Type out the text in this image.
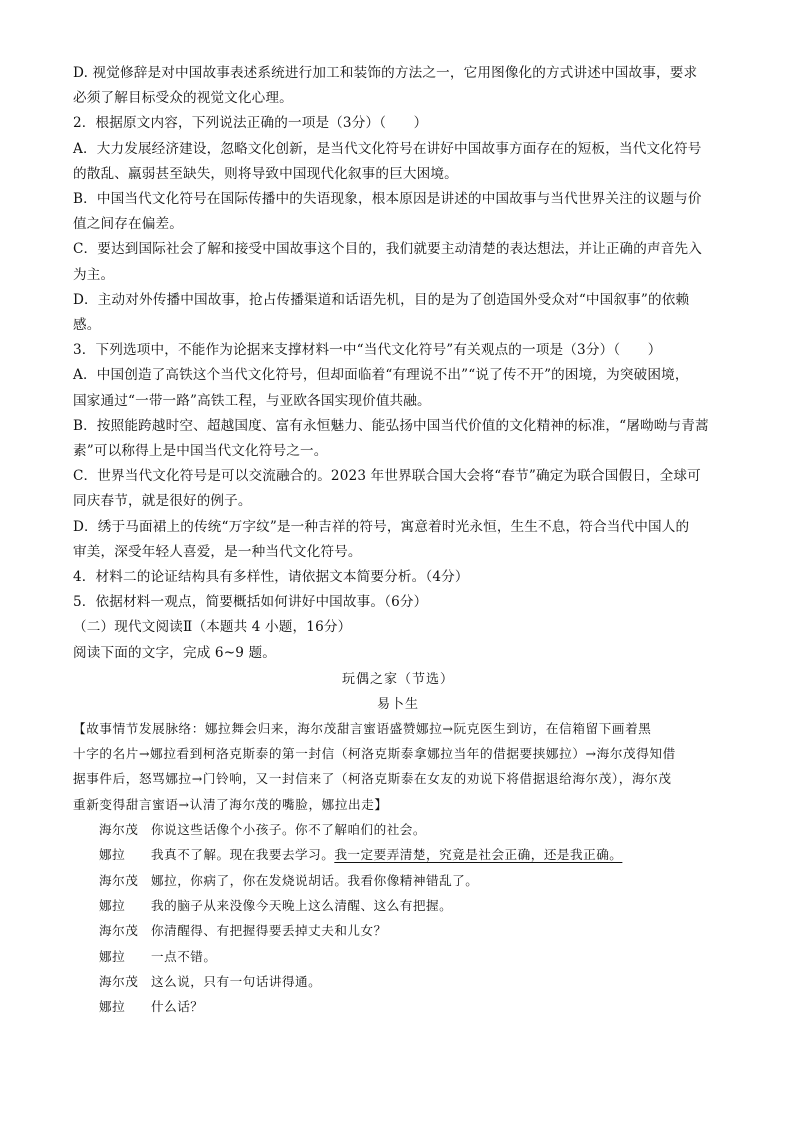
D. 视觉修辞是对中国故事表述系统进行加工和装饰的方法之一，它用图像化的方式讲述中国故事，要求
必须了解目标受众的视觉文化心理。
2．根据原文内容，下列说法正确的一项是（3分）（　　）
A．大力发展经济建设，忽略文化创新，是当代文化符号在讲好中国故事方面存在的短板，当代文化符号
的散乱、羸弱甚至缺失，则将导致中国现代化叙事的巨大困境。
B．中国当代文化符号在国际传播中的失语现象，根本原因是讲述的中国故事与当代世界关注的议题与价
值之间存在偏差。
C．要达到国际社会了解和接受中国故事这个目的，我们就要主动清楚的表达想法，并让正确的声音先入
为主。
D．主动对外传播中国故事，抢占传播渠道和话语先机，目的是为了创造国外受众对“中国叙事”的依赖
感。
3．下列选项中，不能作为论据来支撑材料一中“当代文化符号”有关观点的一项是（3分）（　　）
A．中国创造了高铁这个当代文化符号，但却面临着“有理说不出”“说了传不开”的困境，为突破困境，
国家通过“一带一路”高铁工程，与亚欧各国实现价值共融。
B．按照能跨越时空、超越国度、富有永恒魅力、能弘扬中国当代价值的文化精神的标准，“屠呦呦与青蒿
素”可以称得上是中国当代文化符号之一。
C．世界当代文化符号是可以交流融合的。2023 年世界联合国大会将“春节”确定为联合国假日，全球可
同庆春节，就是很好的例子。
D．绣于马面裙上的传统“万字纹”是一种吉祥的符号，寓意着时光永恒，生生不息，符合当代中国人的
审美，深受年轻人喜爱，是一种当代文化符号。
4．材料二的论证结构具有多样性，请依据文本简要分析。（4分）
5．依据材料一观点，简要概括如何讲好中国故事。（6分）
（二）现代文阅读Ⅱ（本题共 4 小题，16分）
阅读下面的文字，完成 6~9 题。
玩偶之家（节选）
易卜生
【故事情节发展脉络：娜拉舞会归来，海尔茂甜言蜜语盛赞娜拉→阮克医生到访，在信箱留下画着黑
十字的名片→娜拉看到柯洛克斯泰的第一封信（柯洛克斯泰拿娜拉当年的借据要挟娜拉）→海尔茂得知借
据事件后，怒骂娜拉→门铃响，又一封信来了（柯洛克斯泰在女友的劝说下将借据退给海尔茂），海尔茂
重新变得甜言蜜语→认清了海尔茂的嘴脸，娜拉出走】
海尔茂 你说这些话像个小孩子。你不了解咱们的社会。
娜拉 我真不了解。现在我要去学习。我一定要弄清楚，究竟是社会正确，还是我正确。
海尔茂 娜拉，你病了，你在发烧说胡话。我看你像精神错乱了。
娜拉 我的脑子从来没像今天晚上这么清醒、这么有把握。
海尔茂 你清醒得、有把握得要丢掉丈夫和儿女？
娜拉 一点不错。
海尔茂 这么说，只有一句话讲得通。
娜拉 什么话？
